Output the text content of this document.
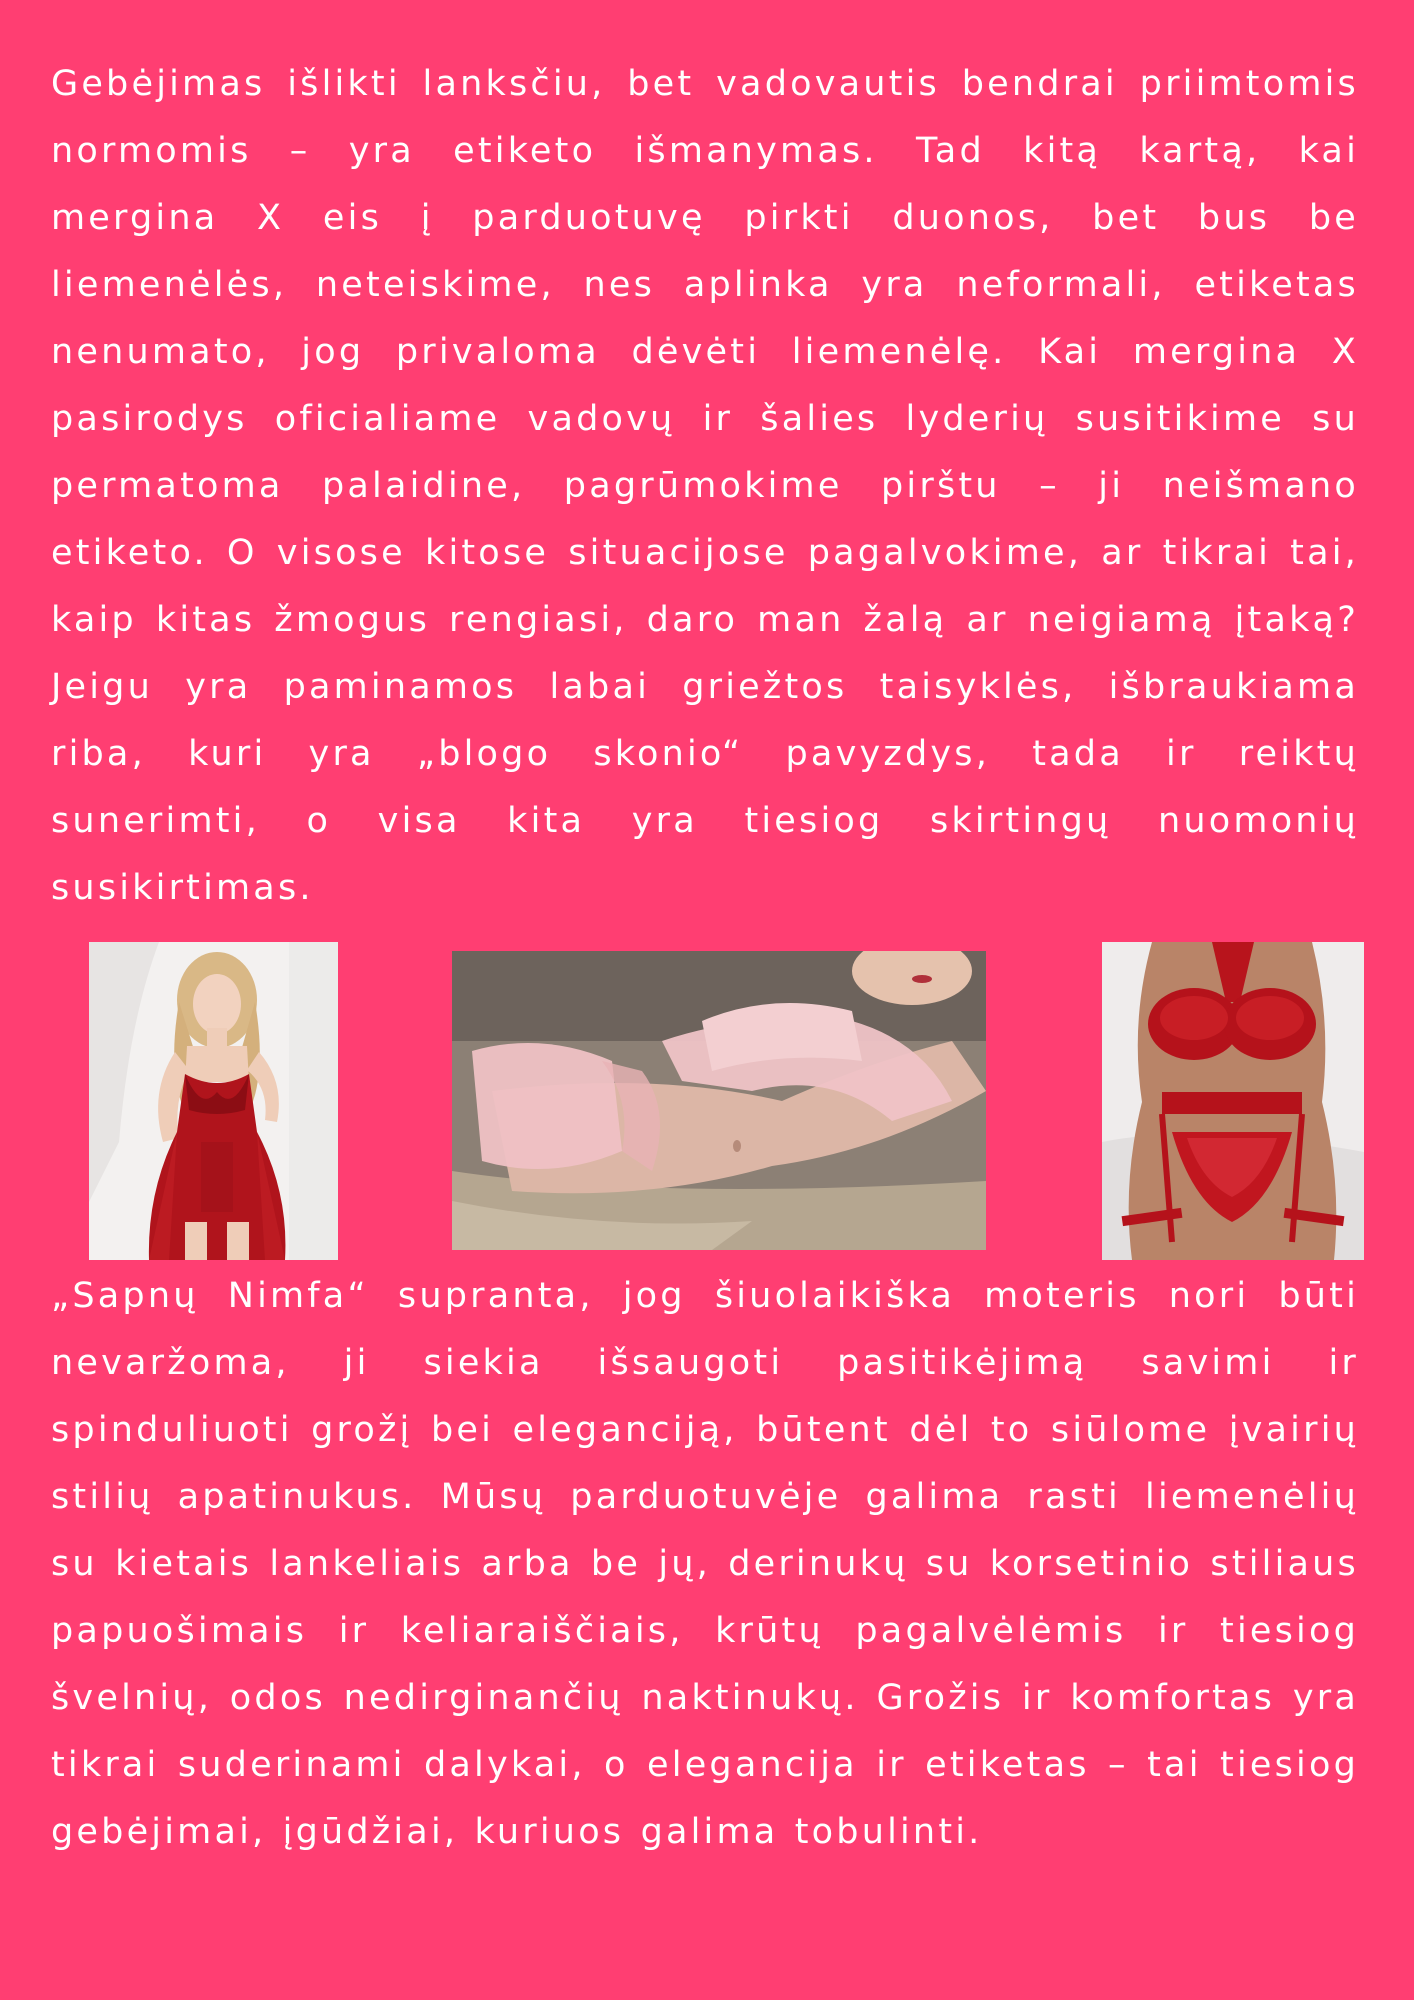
Gebėjimas išlikti lanksčiu, bet vadovautis bendrai priimtomis normomis – yra etiketo išmanymas. Tad kitą kartą, kai mergina X eis į parduotuvę pirkti duonos, bet bus be liemenėlės, neteiskime, nes aplinka yra neformali, etiketas nenumato, jog privaloma dėvėti liemenėlę. Kai mergina X pasirodys oficialiame vadovų ir šalies lyderių susitikime su permatoma palaidine, pagrūmokime pirštu – ji neišmano etiketo. O visose kitose situacijose pagalvokime, ar tikrai tai, kaip kitas žmogus rengiasi, daro man žalą ar neigiamą įtaką? Jeigu yra paminamos labai griežtos taisyklės, išbraukiama riba, kuri yra „blogo skonio“ pavyzdys, tada ir reiktų sunerimti, o visa kita yra tiesiog skirtingų nuomonių susikirtimas.

„Sapnų Nimfa“ supranta, jog šiuolaikiška moteris nori būti nevaržoma, ji siekia išsaugoti pasitikėjimą savimi ir spinduliuoti grožį bei eleganciją, būtent dėl to siūlome įvairių stilių apatinukus. Mūsų parduotuvėje galima rasti liemenėlių su kietais lankeliais arba be jų, derinukų su korsetinio stiliaus papuošimais ir keliaraiščiais, krūtų pagalvėlėmis ir tiesiog švelnių, odos nedirginančių naktinukų. Grožis ir komfortas yra tikrai suderinami dalykai, o elegancija ir etiketas – tai tiesiog gebėjimai, įgūdžiai, kuriuos galima tobulinti.
